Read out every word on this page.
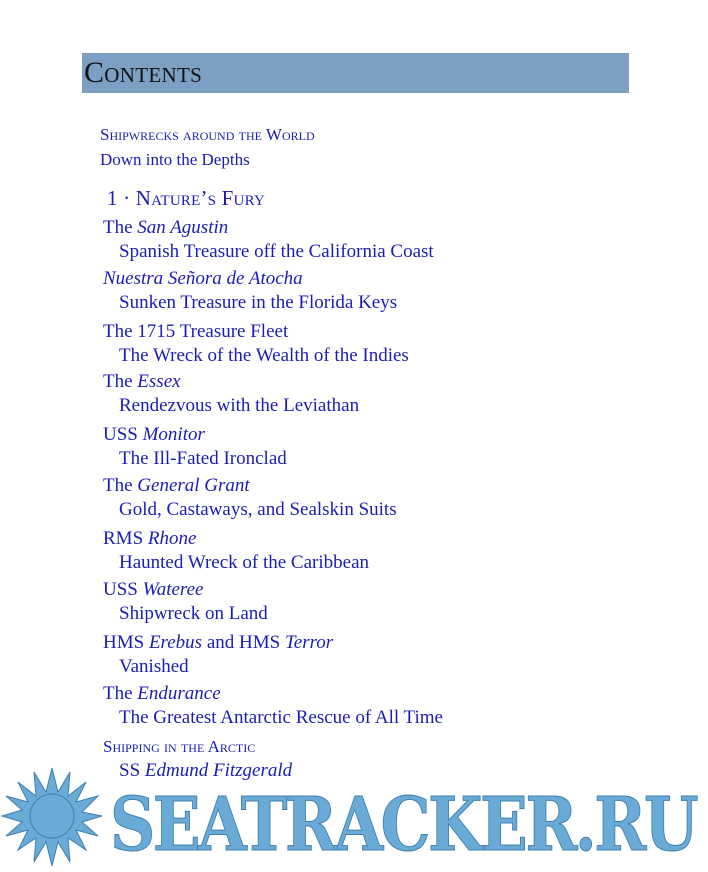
Contents
Shipwrecks around the World
Down into the Depths
1 · Nature’s Fury
The San Agustin
Spanish Treasure off the California Coast
Nuestra Señora de Atocha
Sunken Treasure in the Florida Keys
The 1715 Treasure Fleet
The Wreck of the Wealth of the Indies
The Essex
Rendezvous with the Leviathan
USS Monitor
The Ill-Fated Ironclad
The General Grant
Gold, Castaways, and Sealskin Suits
RMS Rhone
Haunted Wreck of the Caribbean
USS Wateree
Shipwreck on Land
HMS Erebus and HMS Terror
Vanished
The Endurance
The Greatest Antarctic Rescue of All Time
Shipping in the Arctic
SS Edmund Fitzgerald
SEATRACKER.RU
